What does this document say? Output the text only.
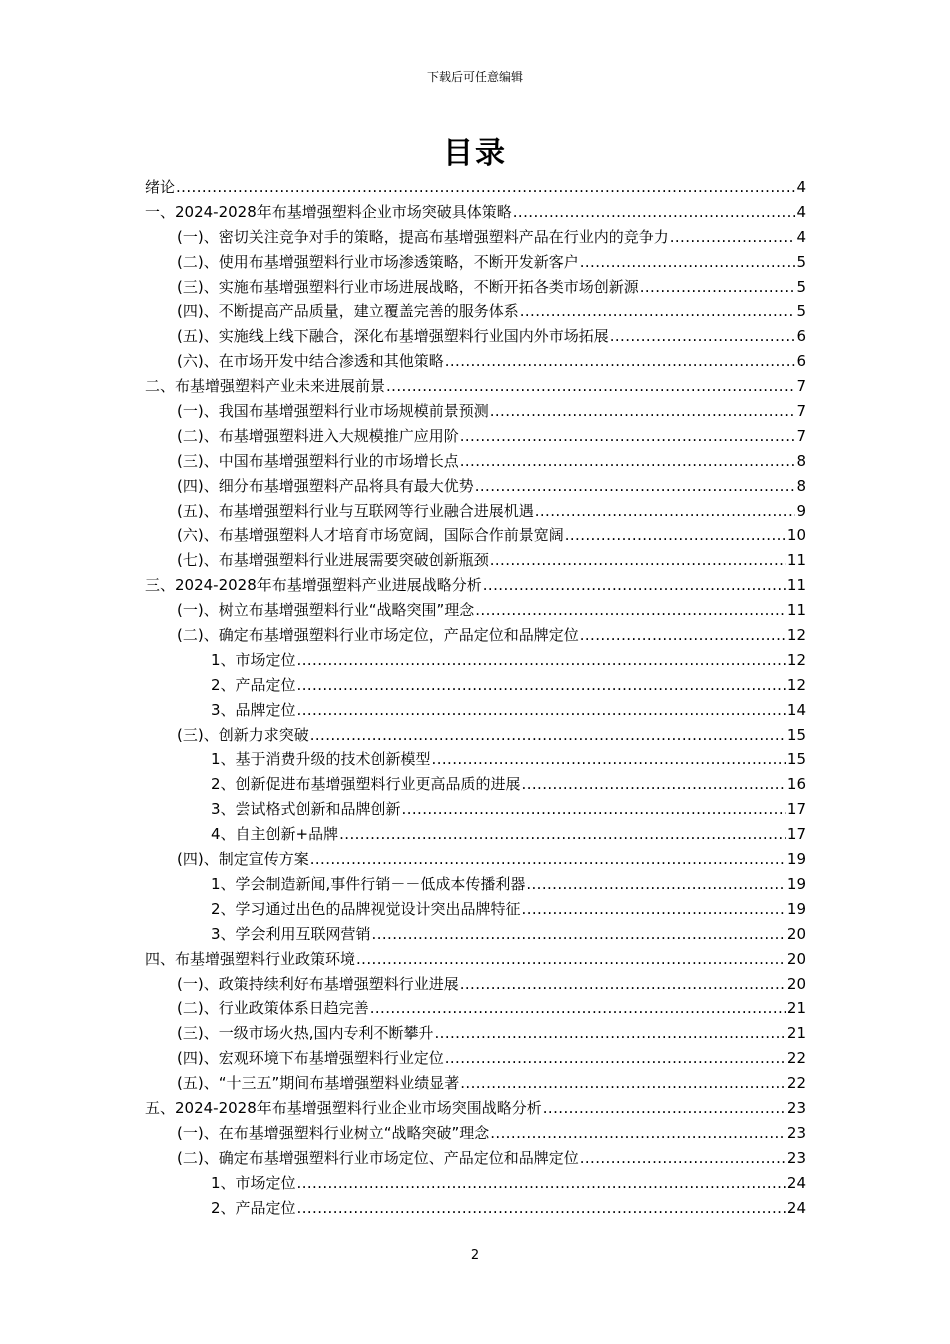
下载后可任意编辑
目录
绪论 .....	4
一、2024-2028年布基增强塑料企业市场突破具体策略 .....	4
(一)、密切关注竞争对手的策略，提高布基增强塑料产品在行业内的竞争力 .....	4
(二)、使用布基增强塑料行业市场渗透策略，不断开发新客户 .....	5
(三)、实施布基增强塑料行业市场进展战略，不断开拓各类市场创新源 .....	5
(四)、不断提高产品质量，建立覆盖完善的服务体系 .....	5
(五)、实施线上线下融合，深化布基增强塑料行业国内外市场拓展 .....	6
(六)、在市场开发中结合渗透和其他策略 .....	6
二、布基增强塑料产业未来进展前景 .....	7
(一)、我国布基增强塑料行业市场规模前景预测 .....	7
(二)、布基增强塑料进入大规模推广应用阶 .....	7
(三)、中国布基增强塑料行业的市场增长点 .....	8
(四)、细分布基增强塑料产品将具有最大优势 .....	8
(五)、布基增强塑料行业与互联网等行业融合进展机遇 .....	9
(六)、布基增强塑料人才培育市场宽阔，国际合作前景宽阔 .....	10
(七)、布基增强塑料行业进展需要突破创新瓶颈 .....	11
三、2024-2028年布基增强塑料产业进展战略分析 .....	11
(一)、树立布基增强塑料行业“战略突围”理念 .....	11
(二)、确定布基增强塑料行业市场定位，产品定位和品牌定位 .....	12
1、市场定位 .....	12
2、产品定位 .....	12
3、品牌定位 .....	14
(三)、创新力求突破 .....	15
1、基于消费升级的技术创新模型 .....	15
2、创新促进布基增强塑料行业更高品质的进展 .....	16
3、尝试格式创新和品牌创新 .....	17
4、自主创新+品牌 .....	17
(四)、制定宣传方案 .....	19
1、学会制造新闻,事件行销－－低成本传播利器 .....	19
2、学习通过出色的品牌视觉设计突出品牌特征 .....	19
3、学会利用互联网营销 .....	20
四、布基增强塑料行业政策环境 .....	20
(一)、政策持续利好布基增强塑料行业进展 .....	20
(二)、行业政策体系日趋完善 .....	21
(三)、一级市场火热,国内专利不断攀升 .....	21
(四)、宏观环境下布基增强塑料行业定位 .....	22
(五)、“十三五”期间布基增强塑料业绩显著 .....	22
五、2024-2028年布基增强塑料行业企业市场突围战略分析 .....	23
(一)、在布基增强塑料行业树立“战略突破”理念 .....	23
(二)、确定布基增强塑料行业市场定位、产品定位和品牌定位 .....	23
1、市场定位 .....	24
2、产品定位 .....	24
2
